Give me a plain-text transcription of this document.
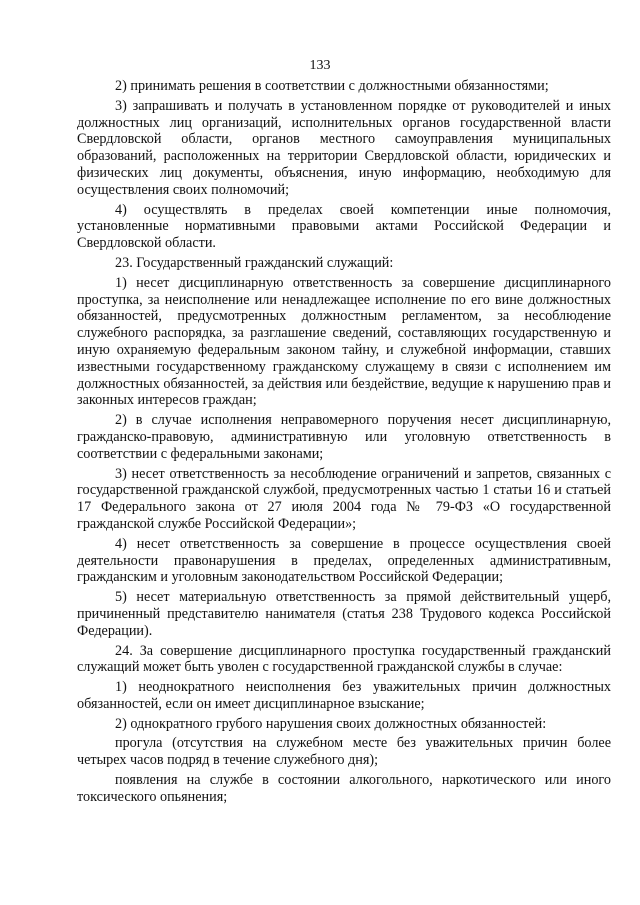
133

2) принимать решения в соответствии с должностными обязанностями;

3) запрашивать и получать в установленном порядке от руководителей и иных должностных лиц организаций, исполнительных органов государственной власти Свердловской области, органов местного самоуправления муниципальных образований, расположенных на территории Свердловской области, юридических и физических лиц документы, объяснения, иную информацию, необходимую для осуществления своих полномочий;

4) осуществлять в пределах своей компетенции иные полномочия, установленные нормативными правовыми актами Российской Федерации и Свердловской области.

23. Государственный гражданский служащий:

1) несет дисциплинарную ответственность за совершение дисциплинарного проступка, за неисполнение или ненадлежащее исполнение по его вине должностных обязанностей, предусмотренных должностным регламентом, за несоблюдение служебного распорядка, за разглашение сведений, составляющих государственную и иную охраняемую федеральным законом тайну, и служебной информации, ставших известными государственному гражданскому служащему в связи с исполнением им должностных обязанностей, за действия или бездействие, ведущие к нарушению прав и законных интересов граждан;

2) в случае исполнения неправомерного поручения несет дисциплинарную, гражданско-правовую, административную или уголовную ответственность в соответствии с федеральными законами;

3) несет ответственность за несоблюдение ограничений и запретов, связанных с государственной гражданской службой, предусмотренных частью 1 статьи 16 и статьей 17 Федерального закона от 27 июля 2004 года № 79-ФЗ «О государственной гражданской службе Российской Федерации»;

4) несет ответственность за совершение в процессе осуществления своей деятельности правонарушения в пределах, определенных административным, гражданским и уголовным законодательством Российской Федерации;

5) несет материальную ответственность за прямой действительный ущерб, причиненный представителю нанимателя (статья 238 Трудового кодекса Российской Федерации).

24. За совершение дисциплинарного проступка государственный гражданский служащий может быть уволен с государственной гражданской службы в случае:

1) неоднократного неисполнения без уважительных причин должностных обязанностей, если он имеет дисциплинарное взыскание;

2) однократного грубого нарушения своих должностных обязанностей:

прогула (отсутствия на служебном месте без уважительных причин более четырех часов подряд в течение служебного дня);

появления на службе в состоянии алкогольного, наркотического или иного токсического опьянения;
